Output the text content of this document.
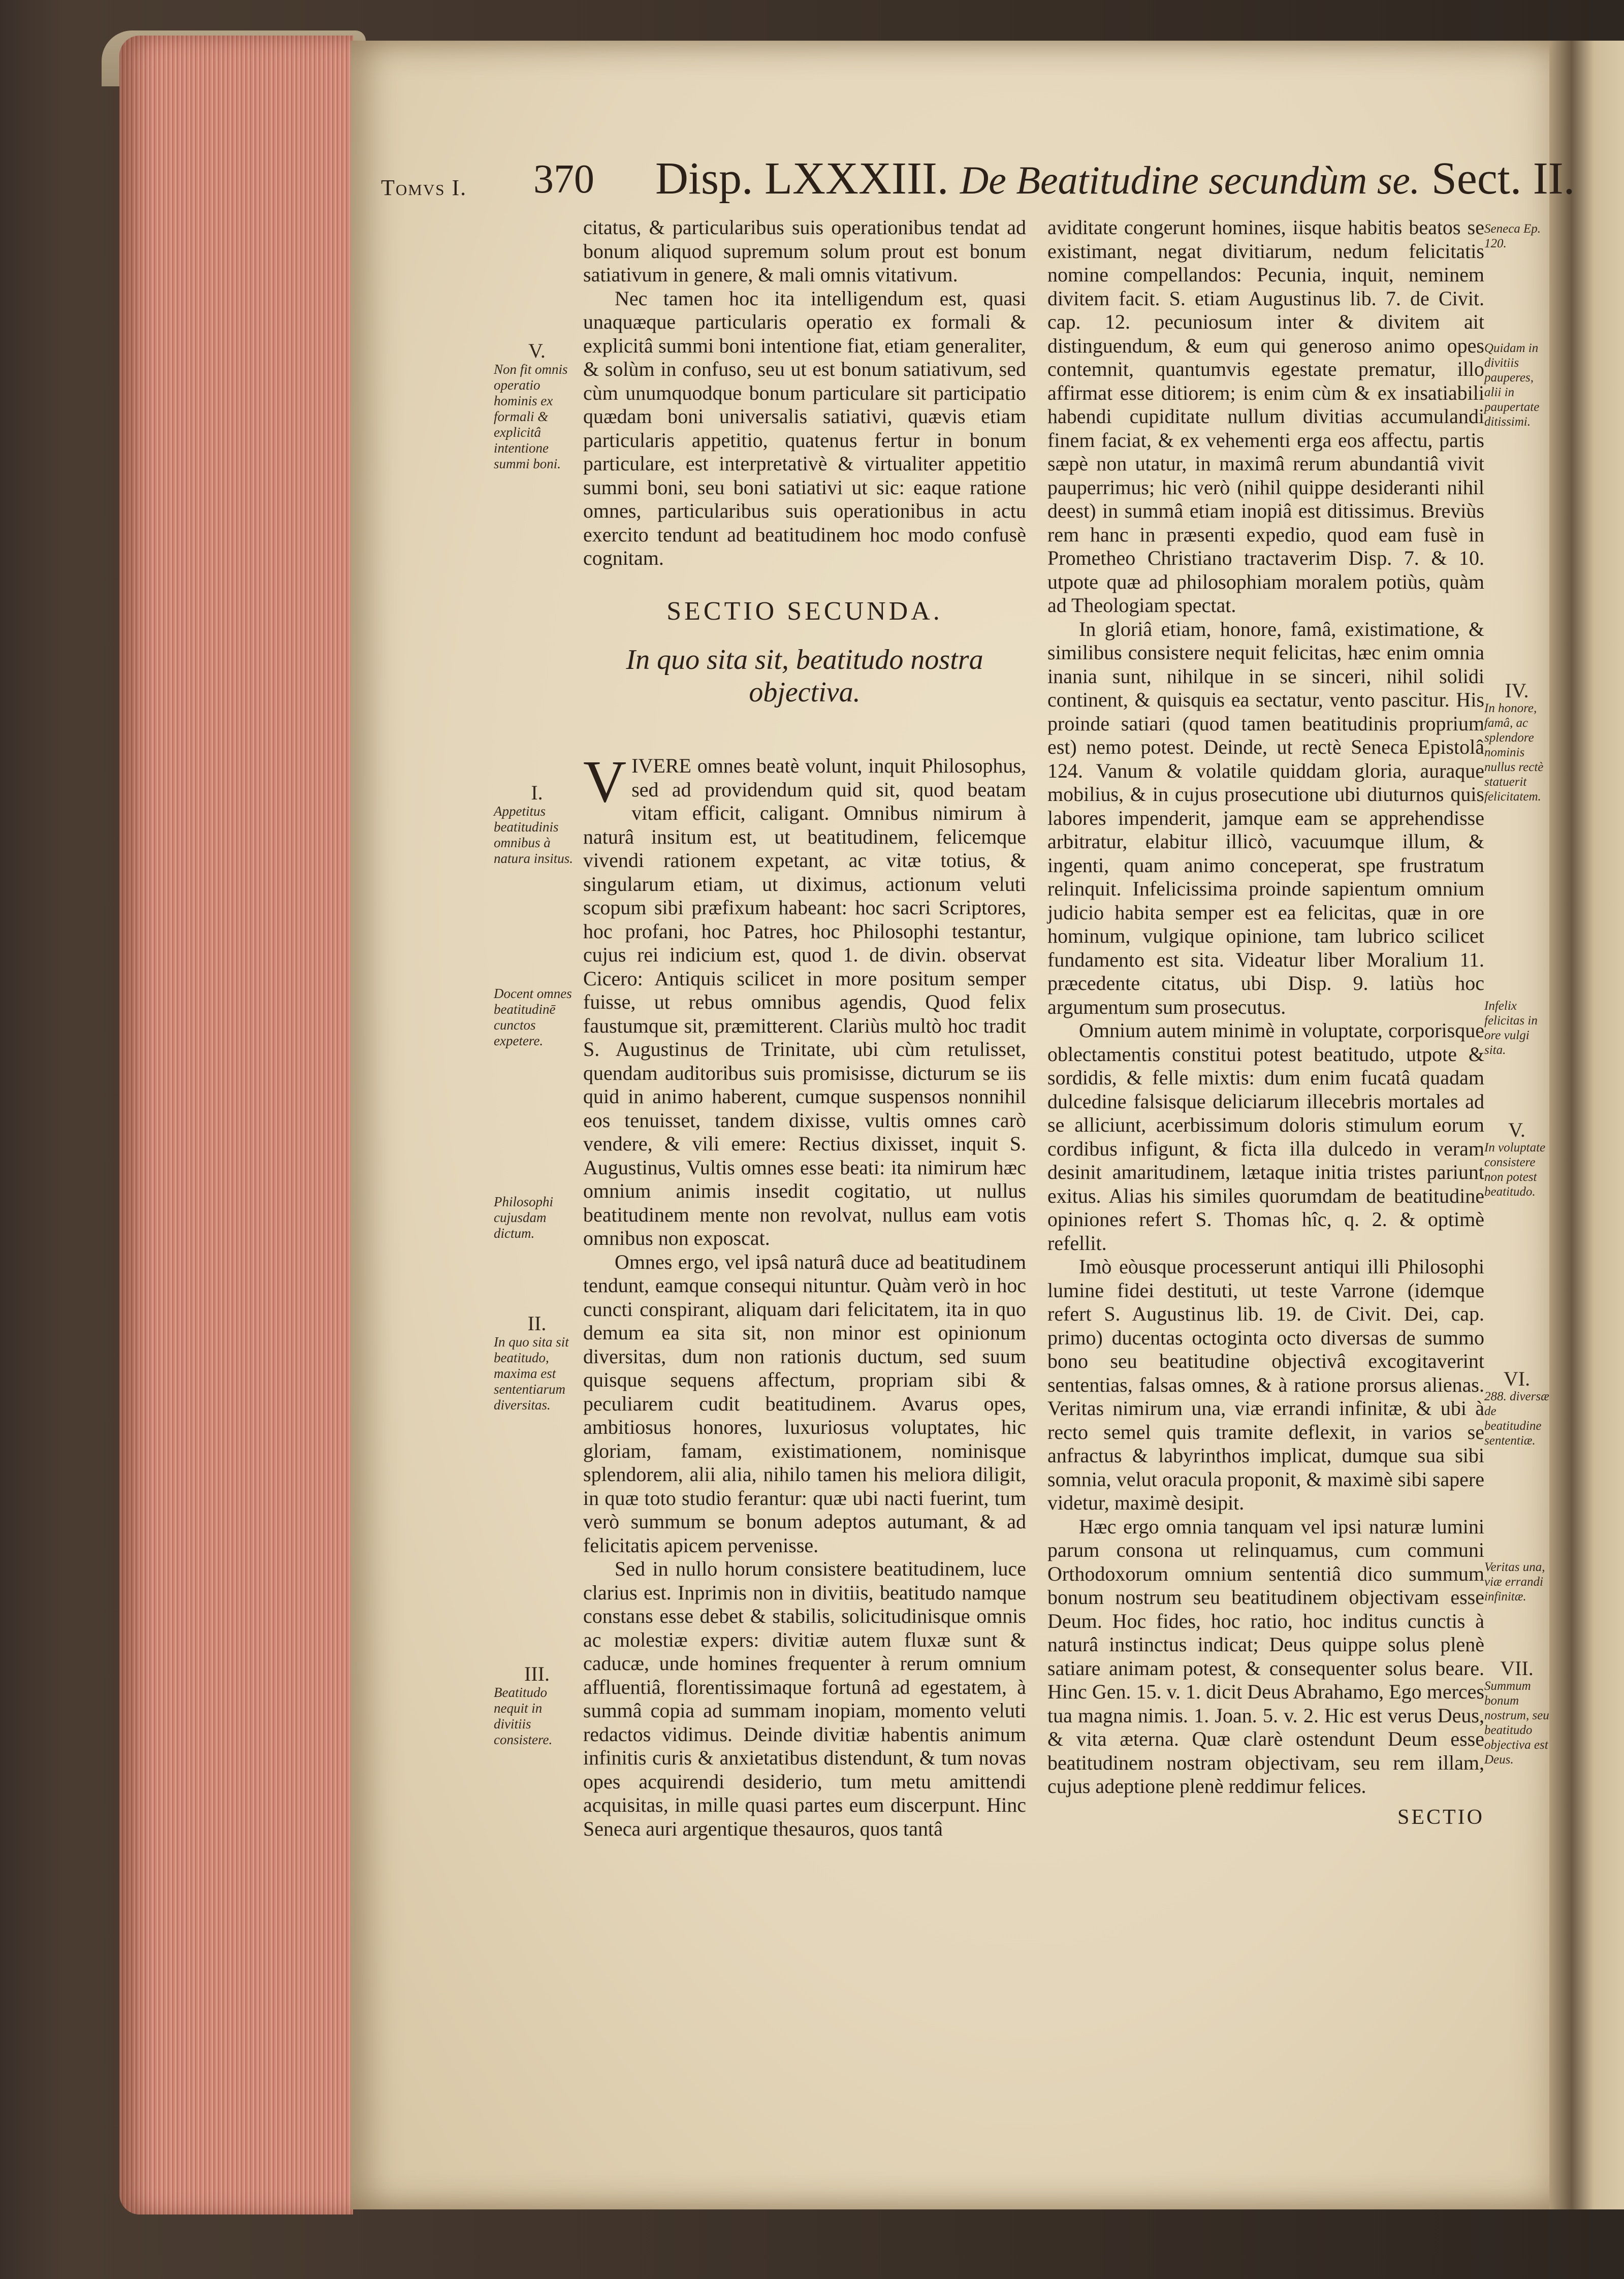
Tomvs I. 370 Disp. LXXXIII. De Beatitudine secundùm se. Sect. II.

citatus, & particularibus suis operationibus tendat ad bonum aliquod supremum solum prout est bonum satiativum in genere, & mali omnis vitativum.

Nec tamen hoc ita intelligendum est, quasi unaquæque particularis operatio ex formali & explicitâ summi boni intentione fiat, etiam generaliter, & solùm in confuso, seu ut est bonum satiativum, sed cùm unumquodque bonum particulare sit participatio quædam boni universalis satiativi, quævis etiam particularis appetitio, quatenus fertur in bonum particulare, est interpretativè & virtualiter appetitio summi boni, seu boni satiativi ut sic: eaque ratione omnes, particularibus suis operationibus in actu exercito tendunt ad beatitudinem hoc modo confusè cognitam.

SECTIO SECUNDA.
In quo sita sit, beatitudo nostra objectiva.

VIVERE omnes beatè volunt, inquit Philosophus, sed ad providendum quid sit, quod beatam vitam efficit, caligant. Omnibus nimirum à naturâ insitum est, ut beatitudinem, felicemque vivendi rationem expetant, ac vitæ totius, & singularum etiam, ut diximus, actionum veluti scopum sibi præfixum habeant: hoc sacri Scriptores, hoc profani, hoc Patres, hoc Philosophi testantur, cujus rei indicium est, quod 1. de divin. observat Cicero: Antiquis scilicet in more positum semper fuisse, ut rebus omnibus agendis, Quod felix faustumque sit, præmitterent. Clariùs multò hoc tradit S. Augustinus de Trinitate, ubi cùm retulisset, quendam auditoribus suis promisisse, dicturum se iis quid in animo haberent, cumque suspensos nonnihil eos tenuisset, tandem dixisse, vultis omnes carò vendere, & vili emere: Rectius dixisset, inquit S. Augustinus, Vultis omnes esse beati: ita nimirum hæc omnium animis insedit cogitatio, ut nullus beatitudinem mente non revolvat, nullus eam votis omnibus non exposcat.

Omnes ergo, vel ipsâ naturâ duce ad beatitudinem tendunt, eamque consequi nituntur. Quàm verò in hoc cuncti conspirant, aliquam dari felicitatem, ita in quo demum ea sita sit, non minor est opinionum diversitas, dum non rationis ductum, sed suum quisque sequens affectum, propriam sibi & peculiarem cudit beatitudinem. Avarus opes, ambitiosus honores, luxuriosus voluptates, hic gloriam, famam, existimationem, nominisque splendorem, alii alia, nihilo tamen his meliora diligit, in quæ toto studio ferantur: quæ ubi nacti fuerint, tum verò summum se bonum adeptos autumant, & ad felicitatis apicem pervenisse.

Sed in nullo horum consistere beatitudinem, luce clarius est. Inprimis non in divitiis, beatitudo namque constans esse debet & stabilis, solicitudinisque omnis ac molestiæ expers: divitiæ autem fluxæ sunt & caducæ, unde homines frequenter à rerum omnium affluentiâ, florentissimaque fortunâ ad egestatem, à summâ copia ad summam inopiam, momento veluti redactos vidimus. Deinde divitiæ habentis animum infinitis curis & anxietatibus distendunt, & tum novas opes acquirendi desiderio, tum metu amittendi acquisitas, in mille quasi partes eum discerpunt. Hinc Seneca auri argentique thesauros, quos tantâ

aviditate congerunt homines, iisque habitis beatos se existimant, negat divitiarum, nedum felicitatis nomine compellandos: Pecunia, inquit, neminem divitem facit. S. etiam Augustinus lib. 7. de Civit. cap. 12. pecuniosum inter & divitem ait distinguendum, & eum qui generoso animo opes contemnit, quantumvis egestate prematur, illo affirmat esse ditiorem; is enim cùm & ex insatiabili habendi cupiditate nullum divitias accumulandi finem faciat, & ex vehementi erga eos affectu, partis sæpè non utatur, in maximâ rerum abundantiâ vivit pauperrimus; hic verò (nihil quippe desideranti nihil deest) in summâ etiam inopiâ est ditissimus. Breviùs rem hanc in præsenti expedio, quod eam fusè in Prometheo Christiano tractaverim Disp. 7. & 10. utpote quæ ad philosophiam moralem potiùs, quàm ad Theologiam spectat.

In gloriâ etiam, honore, famâ, existimatione, & similibus consistere nequit felicitas, hæc enim omnia inania sunt, nihilque in se sinceri, nihil solidi continent, & quisquis ea sectatur, vento pascitur. His proinde satiari (quod tamen beatitudinis proprium est) nemo potest. Deinde, ut rectè Seneca Epistolâ 124. Vanum & volatile quiddam gloria, auraque mobilius, & in cujus prosecutione ubi diuturnos quis labores impenderit, jamque eam se apprehendisse arbitratur, elabitur illicò, vacuumque illum, & ingenti, quam animo conceperat, spe frustratum relinquit. Infelicissima proinde sapientum omnium judicio habita semper est ea felicitas, quæ in ore hominum, vulgique opinione, tam lubrico scilicet fundamento est sita. Videatur liber Moralium 11. præcedente citatus, ubi Disp. 9. latiùs hoc argumentum sum prosecutus.

Omnium autem minimè in voluptate, corporisque oblectamentis constitui potest beatitudo, utpote & sordidis, & felle mixtis: dum enim fucatâ quadam dulcedine falsisque deliciarum illecebris mortales ad se alliciunt, acerbissimum doloris stimulum eorum cordibus infigunt, & ficta illa dulcedo in veram desinit amaritudinem, lætaque initia tristes pariunt exitus. Alias his similes quorumdam de beatitudine opiniones refert S. Thomas hîc, q. 2. & optimè refellit.

Imò eòusque processerunt antiqui illi Philosophi lumine fidei destituti, ut teste Varrone (idemque refert S. Augustinus lib. 19. de Civit. Dei, cap. primo) ducentas octoginta octo diversas de summo bono seu beatitudine objectivâ excogitaverint sententias, falsas omnes, & à ratione prorsus alienas. Veritas nimirum una, viæ errandi infinitæ, & ubi à recto semel quis tramite deflexit, in varios se anfractus & labyrinthos implicat, dumque sua sibi somnia, velut oracula proponit, & maximè sibi sapere videtur, maximè desipit.

Hæc ergo omnia tanquam vel ipsi naturæ lumini parum consona ut relinquamus, cum communi Orthodoxorum omnium sententiâ dico summum bonum nostrum seu beatitudinem objectivam esse Deum. Hoc fides, hoc ratio, hoc inditus cunctis à naturâ instinctus indicat; Deus quippe solus plenè satiare animam potest, & consequenter solus beare. Hinc Gen. 15. v. 1. dicit Deus Abrahamo, Ego merces tua magna nimis. 1. Joan. 5. v. 2. Hic est verus Deus, & vita æterna. Quæ clarè ostendunt Deum esse beatitudinem nostram objectivam, seu rem illam, cujus adeptione plenè reddimur felices.

SECTIO
V.
Non fit omnis operatio hominis ex formali & explicitâ intentione summi boni.
I.
Appetitus beatitudinis omnibus à natura insitus.
Docent omnes beatitudinē cunctos expetere.
Philosophi cujusdam dictum.
II.
In quo sita sit beatitudo, maxima est sententiarum diversitas.
III.
Beatitudo nequit in divitiis consistere.
Seneca Ep. 120.
Quidam in divitiis pauperes, alii in paupertate ditissimi.
IV.
In honore, famâ, ac splendore nominis nullus rectè statuerit felicitatem.
Infelix felicitas in ore vulgi sita.
V.
In voluptate consistere non potest beatitudo.
VI.
288. diversæ de beatitudine sententiæ.
Veritas una, viæ errandi infinitæ.
VII.
Summum bonum nostrum, seu beatitudo objectiva est Deus.
